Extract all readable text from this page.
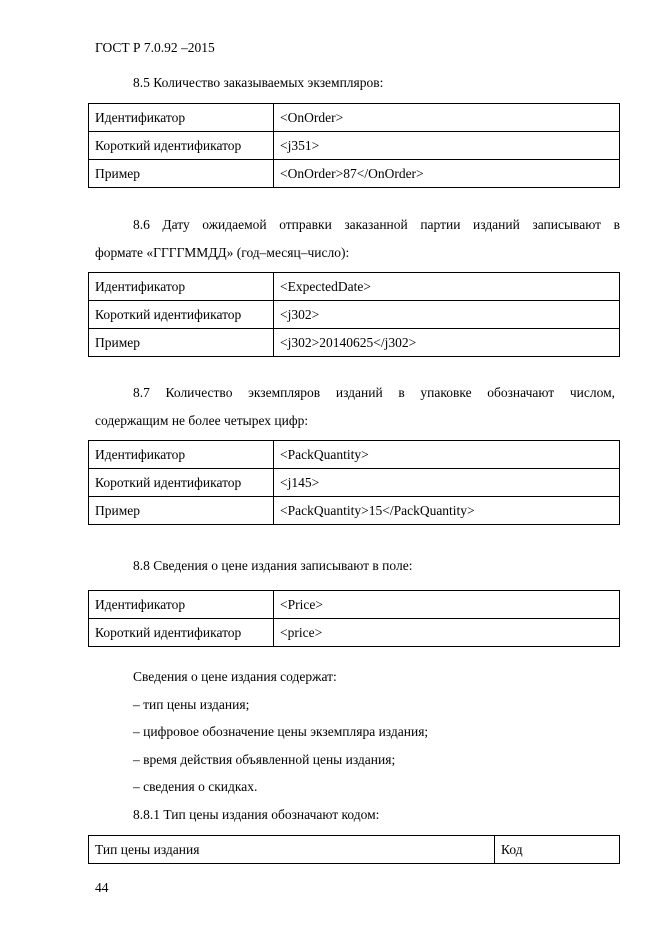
ГОСТ Р 7.0.92 –2015
8.5 Количество заказываемых экземпляров:
Идентификатор	<OnOrder>
Короткий идентификатор	<j351>
Пример	<OnOrder>87</OnOrder>
8.6 Дату ожидаемой отправки заказанной партии изданий записывают в
формате «ГГГГММДД» (год–месяц–число):
Идентификатор	<ExpectedDate>
Короткий идентификатор	<j302>
Пример	<j302>20140625</j302>
8.7 Количество экземпляров изданий в упаковке обозначают числом,
содержащим не более четырех цифр:
Идентификатор	<PackQuantity>
Короткий идентификатор	<j145>
Пример	<PackQuantity>15</PackQuantity>
8.8 Сведения о цене издания записывают в поле:
Идентификатор	<Price>
Короткий идентификатор	<price>
Сведения о цене издания содержат:
– тип цены издания;
– цифровое обозначение цены экземпляра издания;
– время действия объявленной цены издания;
– сведения о скидках.
8.8.1 Тип цены издания обозначают кодом:
Тип цены издания	Код
44
